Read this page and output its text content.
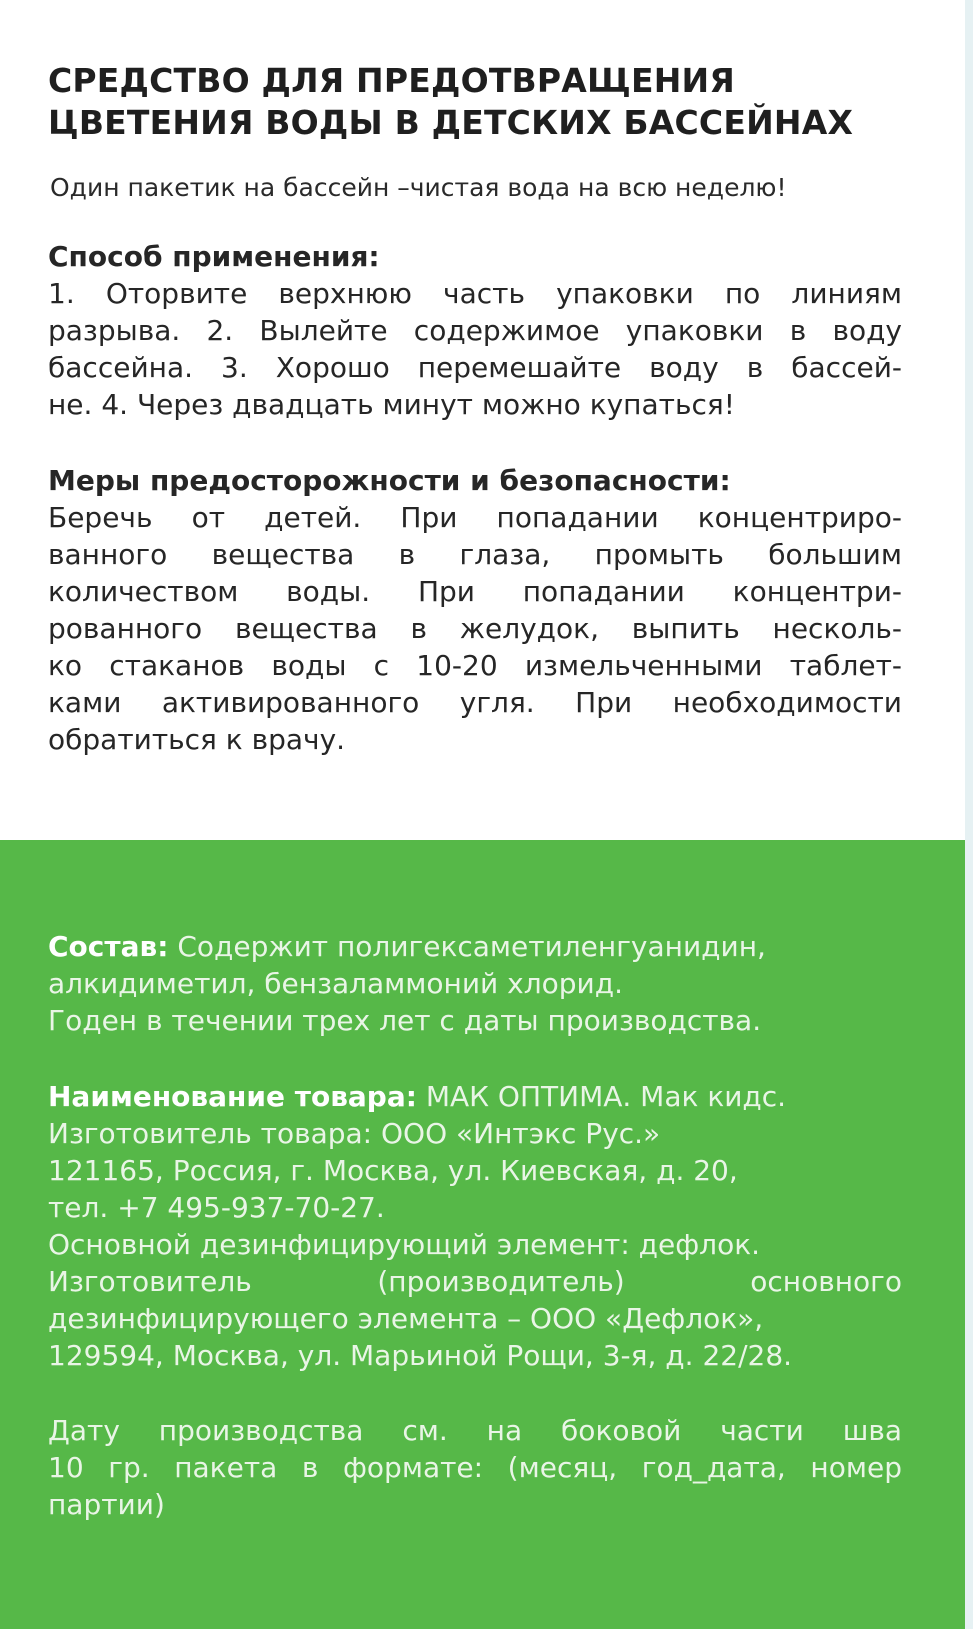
СРЕДСТВО ДЛЯ ПРЕДОТВРАЩЕНИЯ
ЦВЕТЕНИЯ ВОДЫ В ДЕТСКИХ БАССЕЙНАХ

Один пакетик на бассейн –чистая вода на всю неделю!

Способ применения:
1. Оторвите верхнюю часть упаковки по линиям
разрыва. 2. Вылейте содержимое упаковки в воду
бассейна. 3. Хорошо перемешайте воду в бассей-
не. 4. Через двадцать минут можно купаться!
Меры предосторожности и безопасности:
Беречь от детей. При попадании концентриро-
ванного вещества в глаза, промыть большим
количеством воды. При попадании концентри-
рованного вещества в желудок, выпить несколь-
ко стаканов воды с 10-20 измельченными таблет-
ками активированного угля. При необходимости
обратиться к врачу.
Состав: Содержит полигексаметиленгуанидин,
алкидиметил, бензаламмоний хлорид.
Годен в течении трех лет с даты производства.
Наименование товара: МАК ОПТИМА. Мак кидс.
Изготовитель товара: ООО «Интэкс Рус.»
121165, Россия, г. Москва, ул. Киевская, д. 20,
тел. +7 495-937-70-27.
Основной дезинфицирующий элемент: дефлок.
Изготовитель (производитель) основного
дезинфицирующего элемента – ООО «Дефлок»,
129594, Москва, ул. Марьиной Рощи, 3-я, д. 22/28.
Дату производства см. на боковой части шва
10 гр. пакета в формате: (месяц, год_дата, номер
партии)
